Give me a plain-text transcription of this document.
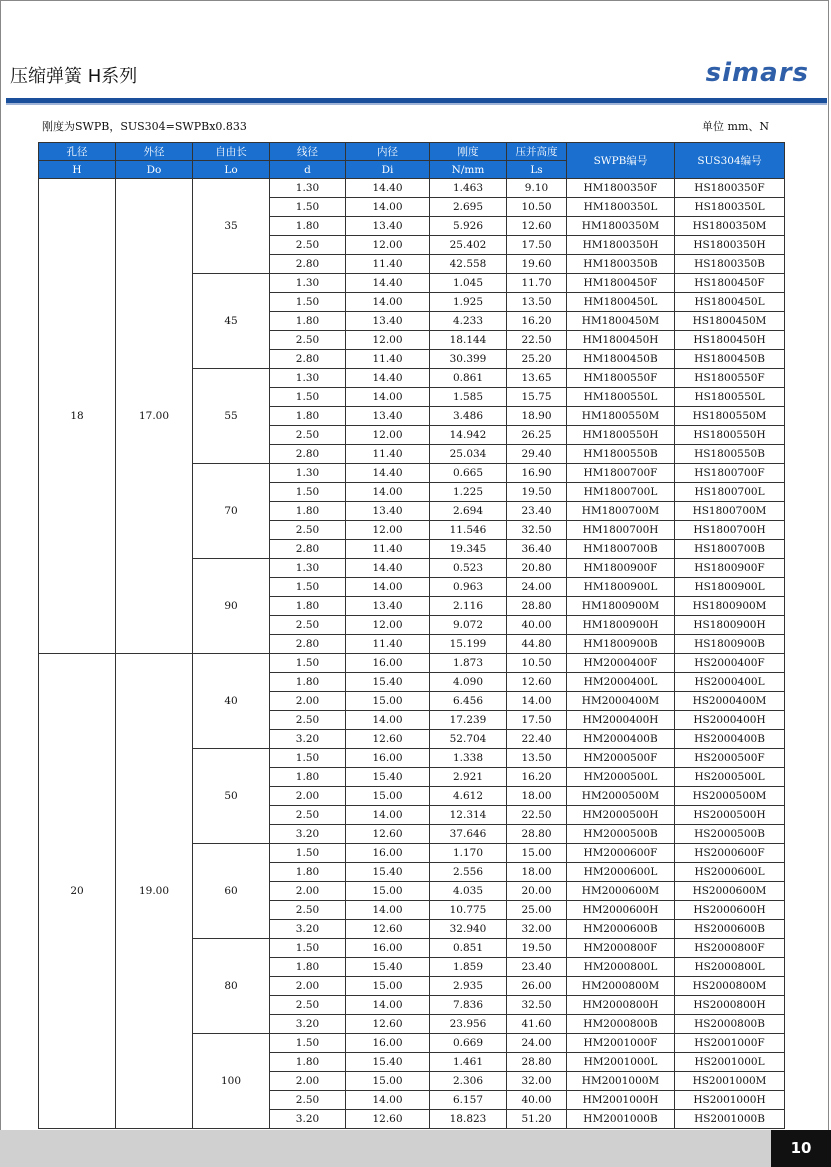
压缩弹簧 H系列	simars
刚度为SWPB，SUS304=SWPBx0.833	单位 mm、N
孔径	外径	自由长	线径	内径	刚度	压并高度	SWPB编号	SUS304编号
H	Do	Lo	d	Di	N/mm	Ls		
18	17.00	35	1.30	14.40	1.463	9.10	HM1800350F	HS1800350F
			1.50	14.00	2.695	10.50	HM1800350L	HS1800350L
			1.80	13.40	5.926	12.60	HM1800350M	HS1800350M
			2.50	12.00	25.402	17.50	HM1800350H	HS1800350H
			2.80	11.40	42.558	19.60	HM1800350B	HS1800350B
		45	1.30	14.40	1.045	11.70	HM1800450F	HS1800450F
			1.50	14.00	1.925	13.50	HM1800450L	HS1800450L
			1.80	13.40	4.233	16.20	HM1800450M	HS1800450M
			2.50	12.00	18.144	22.50	HM1800450H	HS1800450H
			2.80	11.40	30.399	25.20	HM1800450B	HS1800450B
		55	1.30	14.40	0.861	13.65	HM1800550F	HS1800550F
			1.50	14.00	1.585	15.75	HM1800550L	HS1800550L
			1.80	13.40	3.486	18.90	HM1800550M	HS1800550M
			2.50	12.00	14.942	26.25	HM1800550H	HS1800550H
			2.80	11.40	25.034	29.40	HM1800550B	HS1800550B
		70	1.30	14.40	0.665	16.90	HM1800700F	HS1800700F
			1.50	14.00	1.225	19.50	HM1800700L	HS1800700L
			1.80	13.40	2.694	23.40	HM1800700M	HS1800700M
			2.50	12.00	11.546	32.50	HM1800700H	HS1800700H
			2.80	11.40	19.345	36.40	HM1800700B	HS1800700B
		90	1.30	14.40	0.523	20.80	HM1800900F	HS1800900F
			1.50	14.00	0.963	24.00	HM1800900L	HS1800900L
			1.80	13.40	2.116	28.80	HM1800900M	HS1800900M
			2.50	12.00	9.072	40.00	HM1800900H	HS1800900H
			2.80	11.40	15.199	44.80	HM1800900B	HS1800900B
20	19.00	40	1.50	16.00	1.873	10.50	HM2000400F	HS2000400F
			1.80	15.40	4.090	12.60	HM2000400L	HS2000400L
			2.00	15.00	6.456	14.00	HM2000400M	HS2000400M
			2.50	14.00	17.239	17.50	HM2000400H	HS2000400H
			3.20	12.60	52.704	22.40	HM2000400B	HS2000400B
		50	1.50	16.00	1.338	13.50	HM2000500F	HS2000500F
			1.80	15.40	2.921	16.20	HM2000500L	HS2000500L
			2.00	15.00	4.612	18.00	HM2000500M	HS2000500M
			2.50	14.00	12.314	22.50	HM2000500H	HS2000500H
			3.20	12.60	37.646	28.80	HM2000500B	HS2000500B
		60	1.50	16.00	1.170	15.00	HM2000600F	HS2000600F
			1.80	15.40	2.556	18.00	HM2000600L	HS2000600L
			2.00	15.00	4.035	20.00	HM2000600M	HS2000600M
			2.50	14.00	10.775	25.00	HM2000600H	HS2000600H
			3.20	12.60	32.940	32.00	HM2000600B	HS2000600B
		80	1.50	16.00	0.851	19.50	HM2000800F	HS2000800F
			1.80	15.40	1.859	23.40	HM2000800L	HS2000800L
			2.00	15.00	2.935	26.00	HM2000800M	HS2000800M
			2.50	14.00	7.836	32.50	HM2000800H	HS2000800H
			3.20	12.60	23.956	41.60	HM2000800B	HS2000800B
		100	1.50	16.00	0.669	24.00	HM2001000F	HS2001000F
			1.80	15.40	1.461	28.80	HM2001000L	HS2001000L
			2.00	15.00	2.306	32.00	HM2001000M	HS2001000M
			2.50	14.00	6.157	40.00	HM2001000H	HS2001000H
			3.20	12.60	18.823	51.20	HM2001000B	HS2001000B
10
